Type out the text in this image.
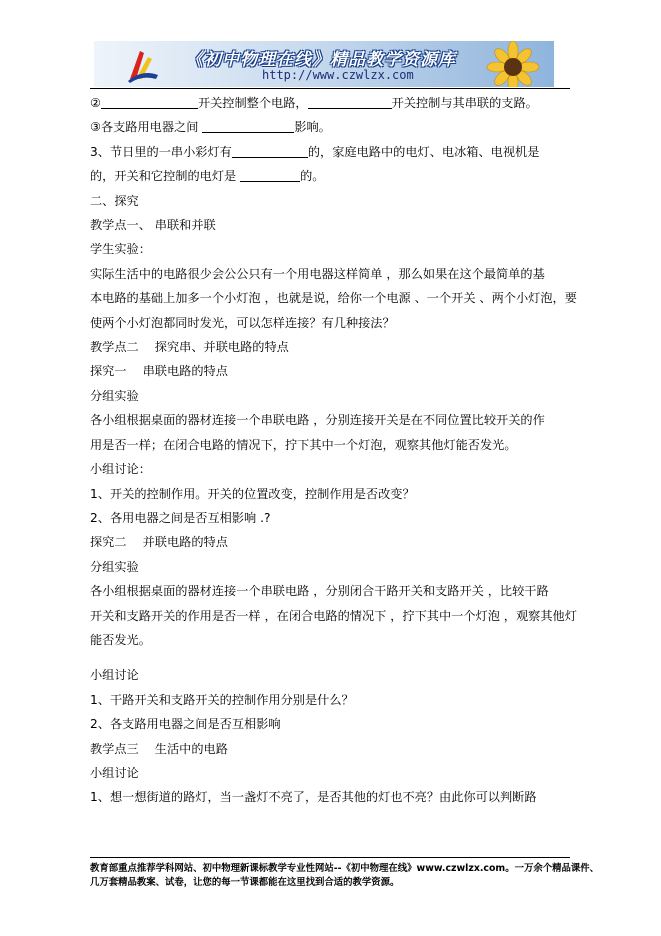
《初中物理在线》精品教学资源库
http://www.czwlzx.com

②	开关控制整个电路，	开关控制与其串联的支路。

③各支路用电器之间	影响。

3、节日里的一串小彩灯有	的，家庭电路中的电灯、电冰箱、电视机是

的，开关和它控制的电灯是	的。

二、探究

教学点一、 串联和并联

学生实验：

实际生活中的电路很少会公公只有一个用电器这样简单 ，那么如果在这个最简单的基

本电路的基础上加多一个小灯泡 ，也就是说，给你一个电源 、一个开关 、两个小灯泡，要

使两个小灯泡都同时发光，可以怎样连接？有几种接法？

教学点二　 探究串、并联电路的特点

探究一　 串联电路的特点

分组实验

各小组根据桌面的器材连接一个串联电路 ，分别连接开关是在不同位置比较开关的作

用是否一样；在闭合电路的情况下，拧下其中一个灯泡，观察其他灯能否发光。

小组讨论：

1、开关的控制作用。开关的位置改变，控制作用是否改变？

2、各用电器之间是否互相影响 .?

探究二　 并联电路的特点

分组实验

各小组根据桌面的器材连接一个串联电路 ，分别闭合干路开关和支路开关 ，比较干路

开关和支路开关的作用是否一样 ，在闭合电路的情况下 ，拧下其中一个灯泡 ，观察其他灯

能否发光。

小组讨论

1、干路开关和支路开关的控制作用分别是什么？

2、各支路用电器之间是否互相影响

教学点三　 生活中的电路

小组讨论

1、想一想街道的路灯，当一盏灯不亮了，是否其他的灯也不亮？由此你可以判断路

教育部重点推荐学科网站、初中物理新课标教学专业性网站--《初中物理在线》www.czwlzx.com。一万余个精品课件、
几万套精品教案、试卷，让您的每一节课都能在这里找到合适的教学资源。
